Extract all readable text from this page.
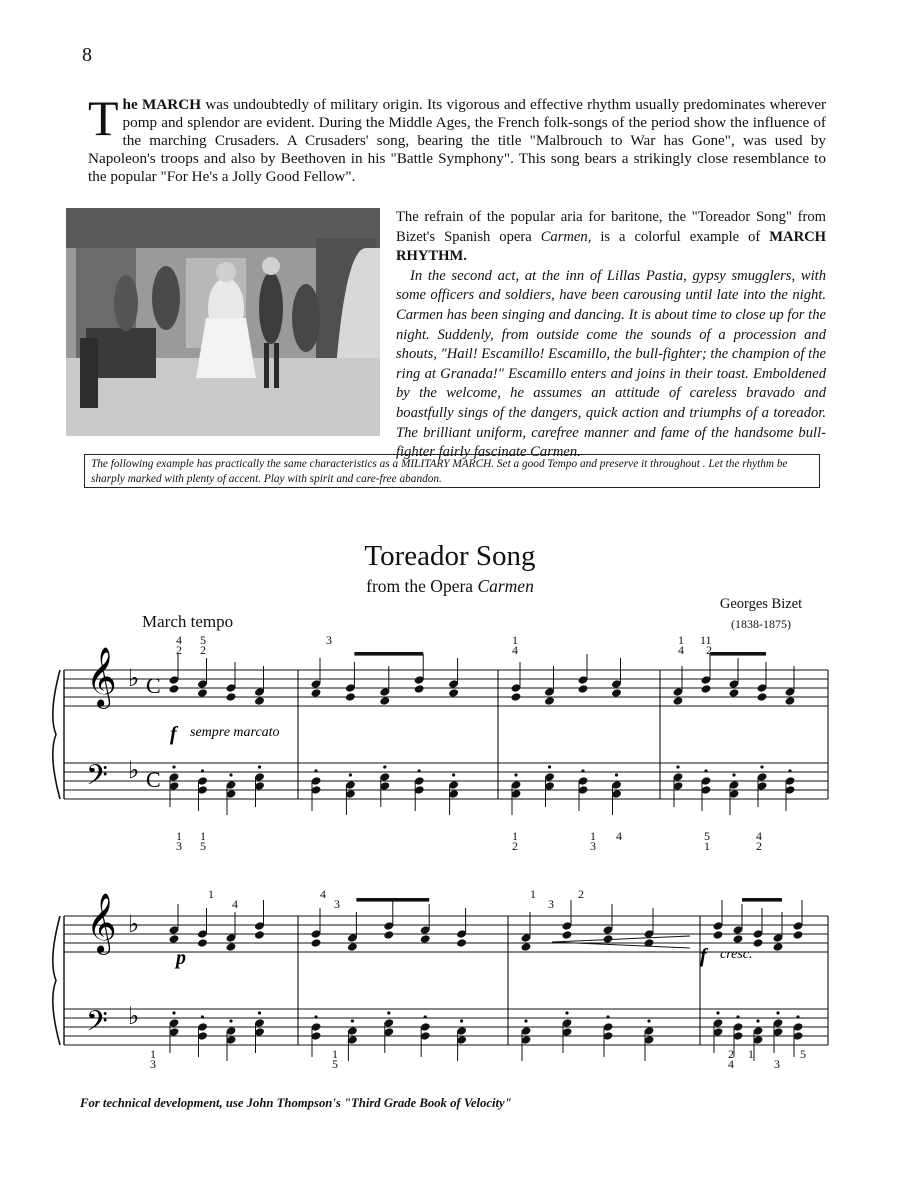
8
The MARCH was undoubtedly of military origin. Its vigorous and effective rhythm usually predominates wherever pomp and splendor are evident. During the Middle Ages, the French folk-songs of the period show the influence of the marching Crusaders. A Crusaders' song, bearing the title "Malbrouch to War has Gone", was used by Napoleon's troops and also by Beethoven in his "Battle Symphony". This song bears a strikingly close resemblance to the popular "For He's a Jolly Good Fellow".

The refrain of the popular aria for baritone, the "Toreador Song" from Bizet's Spanish opera Carmen, is a colorful example of MARCH RHYTHM.

In the second act, at the inn of Lillas Pastia, gypsy smugglers, with some officers and soldiers, have been carousing until late into the night. Carmen has been singing and dancing. It is about time to close up for the night. Suddenly, from outside come the sounds of a procession and shouts, "Hail! Escamillo! Escamillo, the bull-fighter; the champion of the ring at Granada!" Escamillo enters and joins in their toast. Emboldened by the welcome, he assumes an attitude of careless bravado and boastfully sings of the dangers, quick action and triumphs of a toreador. The brilliant uniform, carefree manner and fame of the handsome bull-fighter fairly fascinate Carmen.

The following example has practically the same characteristics as a MILITARY MARCH. Set a good Tempo and preserve it throughout . Let the rhythm be sharply marked with plenty of accent. Play with spirit and care-free abandon.
Toreador Song
from the Opera Carmen
Georges Bizet
(1838-1875)
March tempo
𝄞
𝄢
♭
♭
C
C
f sempre marcato
𝄞
𝄢
♭
♭
p	f cresc.
4
2
5
2
3
4
1
4
1
2
11
1
3
1
5
1
2
1
3
4
1
5
2
4
1
4
4
3
1
3
2
1
3
1
5
2
4
1
3
5
For technical development, use John Thompson's "Third Grade Book of Velocity"
